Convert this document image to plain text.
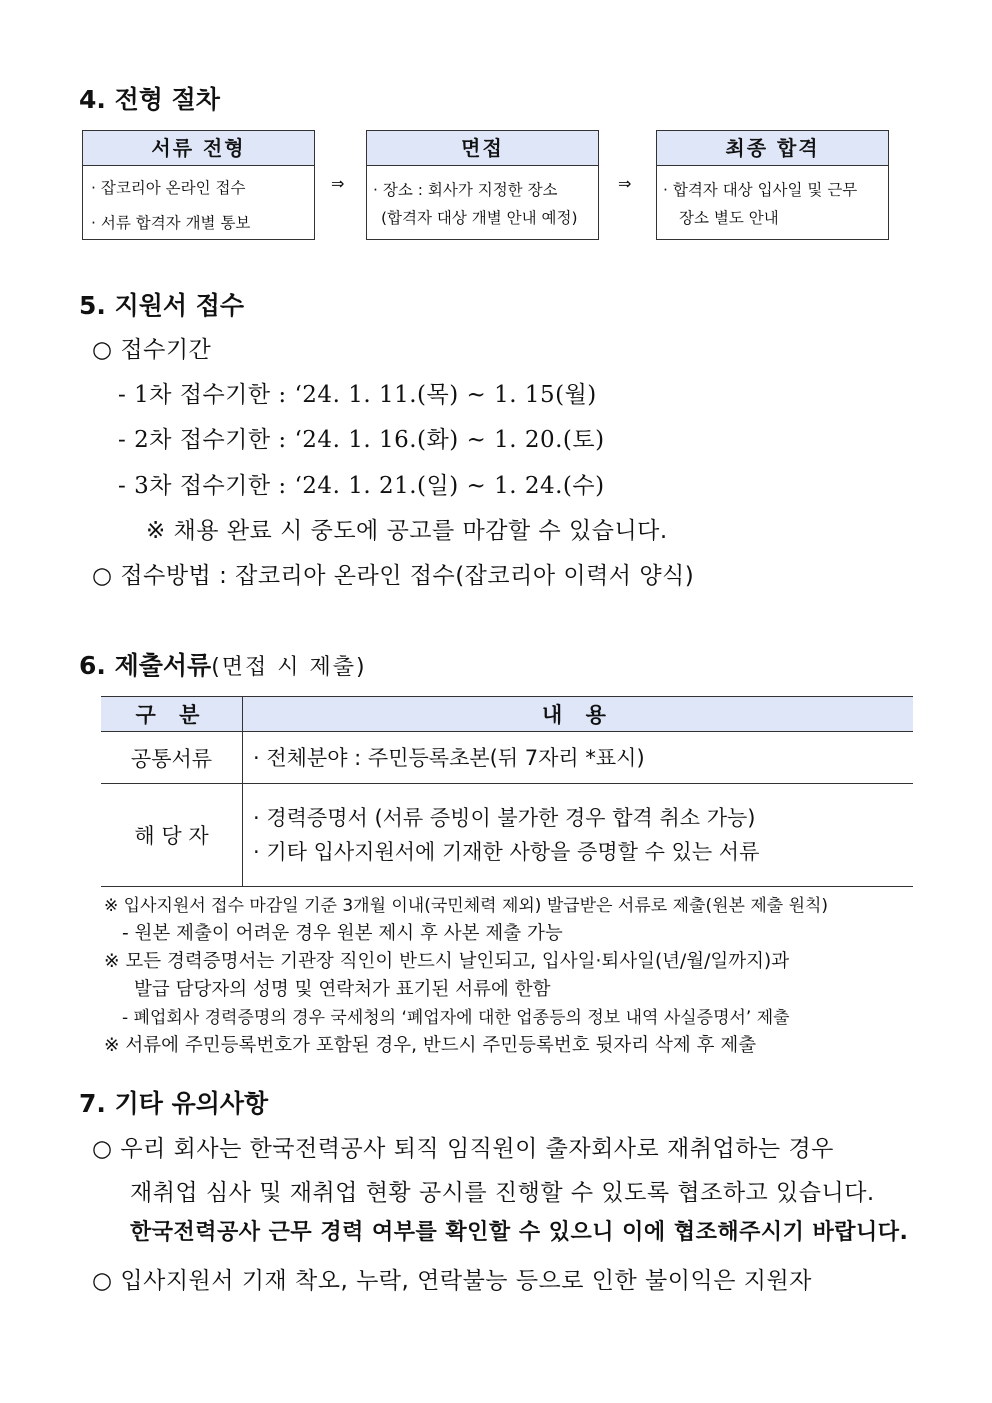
4. 전형 절차
서류 전형
· 잡코리아 온라인 접수
· 서류 합격자 개별 통보
⇒
면접
· 장소 : 회사가 지정한 장소
(합격자 대상 개별 안내 예정)
⇒
최종 합격
· 합격자 대상 입사일 및 근무
장소 별도 안내
5. 지원서 접수
○ 접수기간
- 1차 접수기한 : ‘24. 1. 11.(목) ~ 1. 15(월)
- 2차 접수기한 : ‘24. 1. 16.(화) ~ 1. 20.(토)
- 3차 접수기한 : ‘24. 1. 21.(일) ~ 1. 24.(수)
※ 채용 완료 시 중도에 공고를 마감할 수 있습니다.
○ 접수방법 : 잡코리아 온라인 접수(잡코리아 이력서 양식)
6. 제출서류(면접 시 제출)
구 분	내 용
공통서류	· 전체분야 : 주민등록초본(뒤 7자리 *표시)

해 당 자	· 경력증명서 (서류 증빙이 불가한 경우 합격 취소 가능)
· 기타 입사지원서에 기재한 사항을 증명할 수 있는 서류
※ 입사지원서 접수 마감일 기준 3개월 이내(국민체력 제외) 발급받은 서류로 제출(원본 제출 원칙)
- 원본 제출이 어려운 경우 원본 제시 후 사본 제출 가능
※ 모든 경력증명서는 기관장 직인이 반드시 날인되고, 입사일·퇴사일(년/월/일까지)과
발급 담당자의 성명 및 연락처가 표기된 서류에 한함
- 폐업회사 경력증명의 경우 국세청의 ‘폐업자에 대한 업종등의 정보 내역 사실증명서’ 제출
※ 서류에 주민등록번호가 포함된 경우, 반드시 주민등록번호 뒷자리 삭제 후 제출
7. 기타 유의사항
○ 우리 회사는 한국전력공사 퇴직 임직원이 출자회사로 재취업하는 경우
재취업 심사 및 재취업 현황 공시를 진행할 수 있도록 협조하고 있습니다.
한국전력공사 근무 경력 여부를 확인할 수 있으니 이에 협조해주시기 바랍니다.
○ 입사지원서 기재 착오, 누락, 연락불능 등으로 인한 불이익은 지원자
